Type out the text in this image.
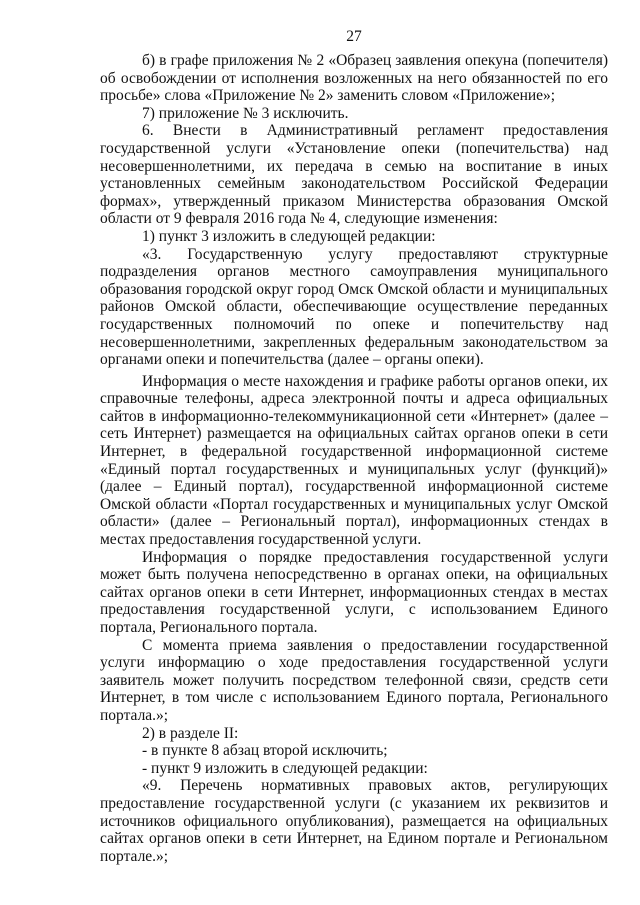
27

б) в графе приложения № 2 «Образец заявления опекуна (попечителя) об освобождении от исполнения возложенных на него обязанностей по его просьбе» слова «Приложение № 2» заменить словом «Приложение»;

7) приложение № 3 исключить.

6. Внести в Административный регламент предоставления государственной услуги «Установление опеки (попечительства) над несовершеннолетними, их передача в семью на воспитание в иных установленных семейным законодательством Российской Федерации формах», утвержденный приказом Министерства образования Омской области от 9 февраля 2016 года № 4, следующие изменения:

1) пункт 3 изложить в следующей редакции:

«3. Государственную услугу предоставляют структурные подразделения органов местного самоуправления муниципального образования городской округ город Омск Омской области и муниципальных районов Омской области, обеспечивающие осуществление переданных государственных полномочий по опеке и попечительству над несовершеннолетними, закрепленных федеральным законодательством за органами опеки и попечительства (далее – органы опеки).

Информация о месте нахождения и графике работы органов опеки, их справочные телефоны, адреса электронной почты и адреса официальных сайтов в информационно-телекоммуникационной сети «Интернет» (далее – сеть Интернет) размещается на официальных сайтах органов опеки в сети Интернет, в федеральной государственной информационной системе «Единый портал государственных и муниципальных услуг (функций)» (далее – Единый портал), государственной информационной системе Омской области «Портал государственных и муниципальных услуг Омской области» (далее – Региональный портал), информационных стендах в местах предоставления государственной услуги.

Информация о порядке предоставления государственной услуги может быть получена непосредственно в органах опеки, на официальных сайтах органов опеки в сети Интернет, информационных стендах в местах предоставления государственной услуги, с использованием Единого портала, Регионального портала.

С момента приема заявления о предоставлении государственной услуги информацию о ходе предоставления государственной услуги заявитель может получить посредством телефонной связи, средств сети Интернет, в том числе с использованием Единого портала, Регионального портала.»;

2) в разделе II:

- в пункте 8 абзац второй исключить;

- пункт 9 изложить в следующей редакции:

«9. Перечень нормативных правовых актов, регулирующих предоставление государственной услуги (с указанием их реквизитов и источников официального опубликования), размещается на официальных сайтах органов опеки в сети Интернет, на Едином портале и Региональном портале.»;
